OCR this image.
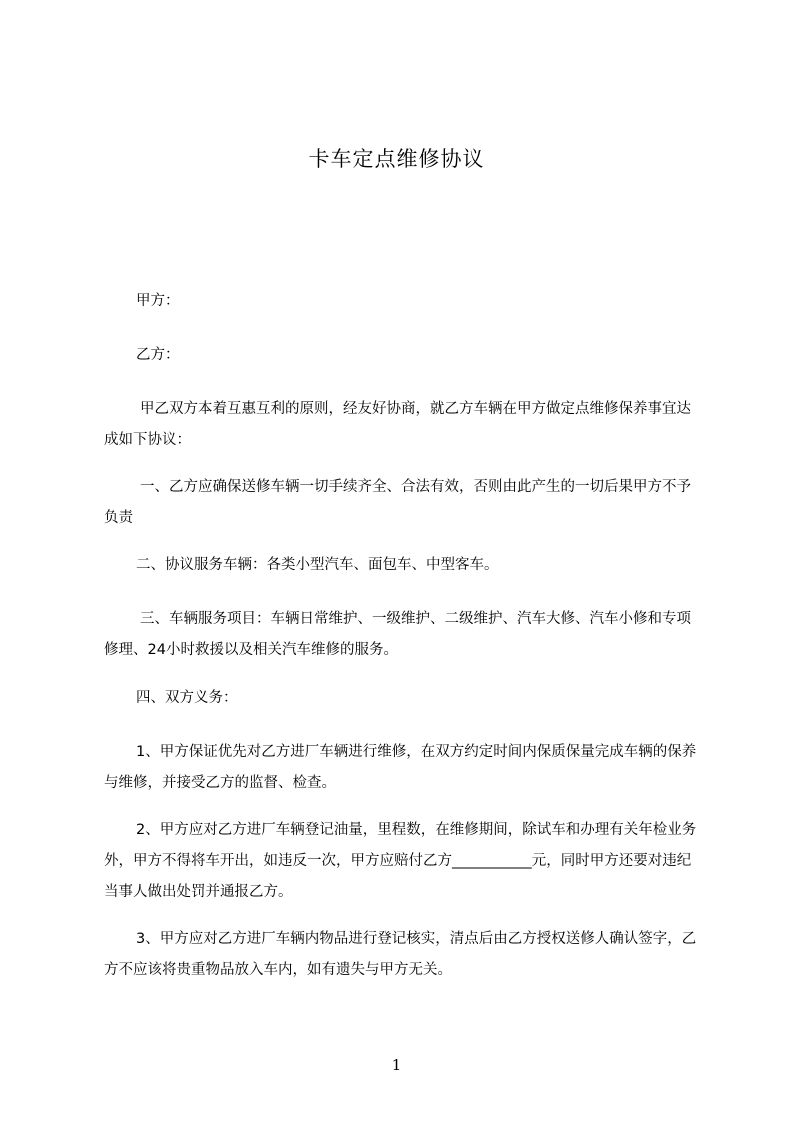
卡车定点维修协议

甲方：

乙方：

甲乙双方本着互惠互利的原则，经友好协商，就乙方车辆在甲方做定点维修保养事宜达成如下协议：

一、乙方应确保送修车辆一切手续齐全、合法有效，否则由此产生的一切后果甲方不予负责

二、协议服务车辆：各类小型汽车、面包车、中型客车。

三、车辆服务项目：车辆日常维护、一级维护、二级维护、汽车大修、汽车小修和专项修理、24小时救援以及相关汽车维修的服务。

四、双方义务：

1、甲方保证优先对乙方进厂车辆进行维修，在双方约定时间内保质保量完成车辆的保养与维修，并接受乙方的监督、检查。

2、甲方应对乙方进厂车辆登记油量，里程数，在维修期间，除试车和办理有关年检业务外，甲方不得将车开出，如违反一次，甲方应赔付乙方___________元，同时甲方还要对违纪当事人做出处罚并通报乙方。

3、甲方应对乙方进厂车辆内物品进行登记核实，清点后由乙方授权送修人确认签字，乙方不应该将贵重物品放入车内，如有遗失与甲方无关。

1
